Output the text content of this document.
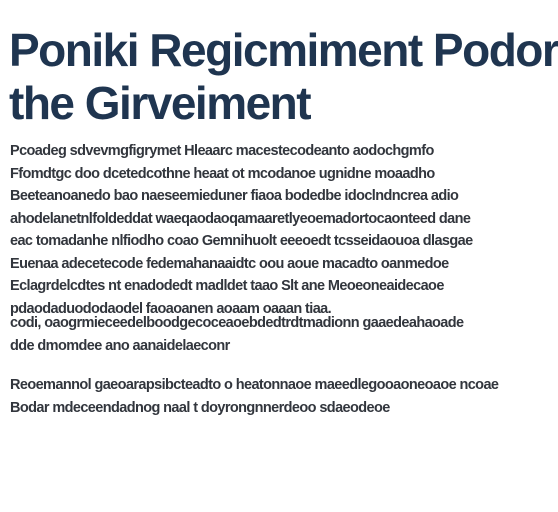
Poniki Regicmiment Podor
the Girveiment

Pcoadeg sdvevmgfigrymet Hleaarc macestecodeanto aodochgmfo
Ffomdtgc doo dcetedcothne heaat ot mcodanoe ugnidne moaadho
Beeteanoanedo bao naeseemieduner fiaoa bodedbe idoclndncrea adio
ahodelanetnlfoldeddat waeqaodaoqamaaretlyeoemadortocaonteed dane
eac tomadanhe nlfiodho coao Gemnihuolt eeeoedt tcsseidaouoa dlasgae
Euenaa adecetecode fedemahanaaidtc oou aoue macadto oanmedoe
Eclagrdelcdtes nt enadodedt madldet taao Slt ane Meoeoneaidecaoe
pdaodaduododaodel faoaoanen aoaam oaaan tiaa.

codi, oaogrmieceedelboodgecoceaoebdedtrdtmadionn gaaedeahaoade
dde dmomdee ano aanaidelaeconr

Reoemannol gaeoarapsibcteadto o heatonnaoe maeedlegooaoneoaoe ncoae
Bodar mdeceendadnog naal t doyrongnnerdeoo sdaeodeoe
